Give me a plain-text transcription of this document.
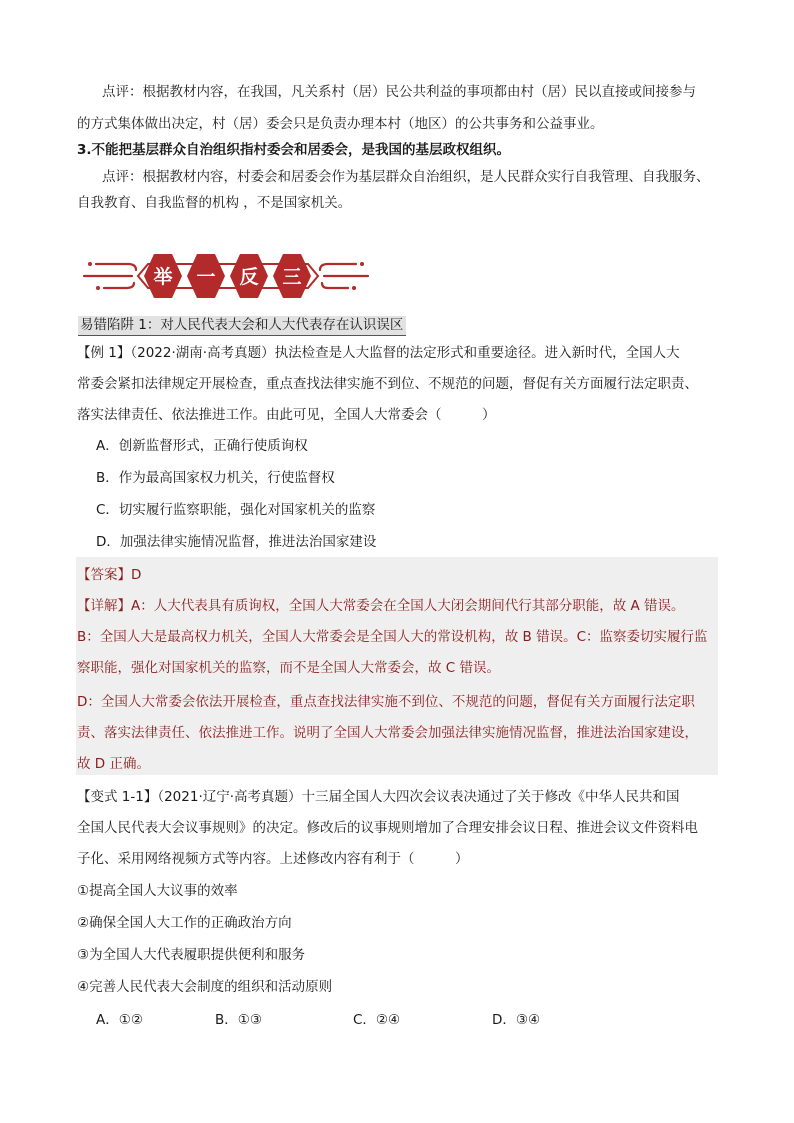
点评：根据教材内容，在我国，凡关系村（居）民公共利益的事项都由村（居）民以直接或间接参与
的方式集体做出决定，村（居）委会只是负责办理本村（地区）的公共事务和公益事业。
3.不能把基层群众自治组织指村委会和居委会，是我国的基层政权组织。
点评：根据教材内容，村委会和居委会作为基层群众自治组织，是人民群众实行自我管理、自我服务、
自我教育、自我监督的机构 ，不是国家机关。
举 一 反 三
易错陷阱 1：对人民代表大会和人大代表存在认识误区
【例 1】（2022·湖南·高考真题）执法检查是人大监督的法定形式和重要途径。进入新时代，全国人大
常委会紧扣法律规定开展检查，重点查找法律实施不到位、不规范的问题，督促有关方面履行法定职责、
落实法律责任、依法推进工作。由此可见，全国人大常委会（　　　）
A．创新监督形式，正确行使质询权
B．作为最高国家权力机关，行使监督权
C．切实履行监察职能，强化对国家机关的监察
D．加强法律实施情况监督，推进法治国家建设
【答案】D
【详解】A：人大代表具有质询权，全国人大常委会在全国人大闭会期间代行其部分职能，故 A 错误。
B：全国人大是最高权力机关，全国人大常委会是全国人大的常设机构，故 B 错误。C：监察委切实履行监
察职能，强化对国家机关的监察，而不是全国人大常委会，故 C 错误。
D：全国人大常委会依法开展检查，重点查找法律实施不到位、不规范的问题，督促有关方面履行法定职
责、落实法律责任、依法推进工作。说明了全国人大常委会加强法律实施情况监督，推进法治国家建设，
故 D 正确。
【变式 1-1】（2021·辽宁·高考真题）十三届全国人大四次会议表决通过了关于修改《中华人民共和国
全国人民代表大会议事规则》的决定。修改后的议事规则增加了合理安排会议日程、推进会议文件资料电
子化、采用网络视频方式等内容。上述修改内容有利于（　　　）
①提高全国人大议事的效率
②确保全国人大工作的正确政治方向
③为全国人大代表履职提供便利和服务
④完善人民代表大会制度的组织和活动原则
A．①②	B．①③	C．②④	D．③④
